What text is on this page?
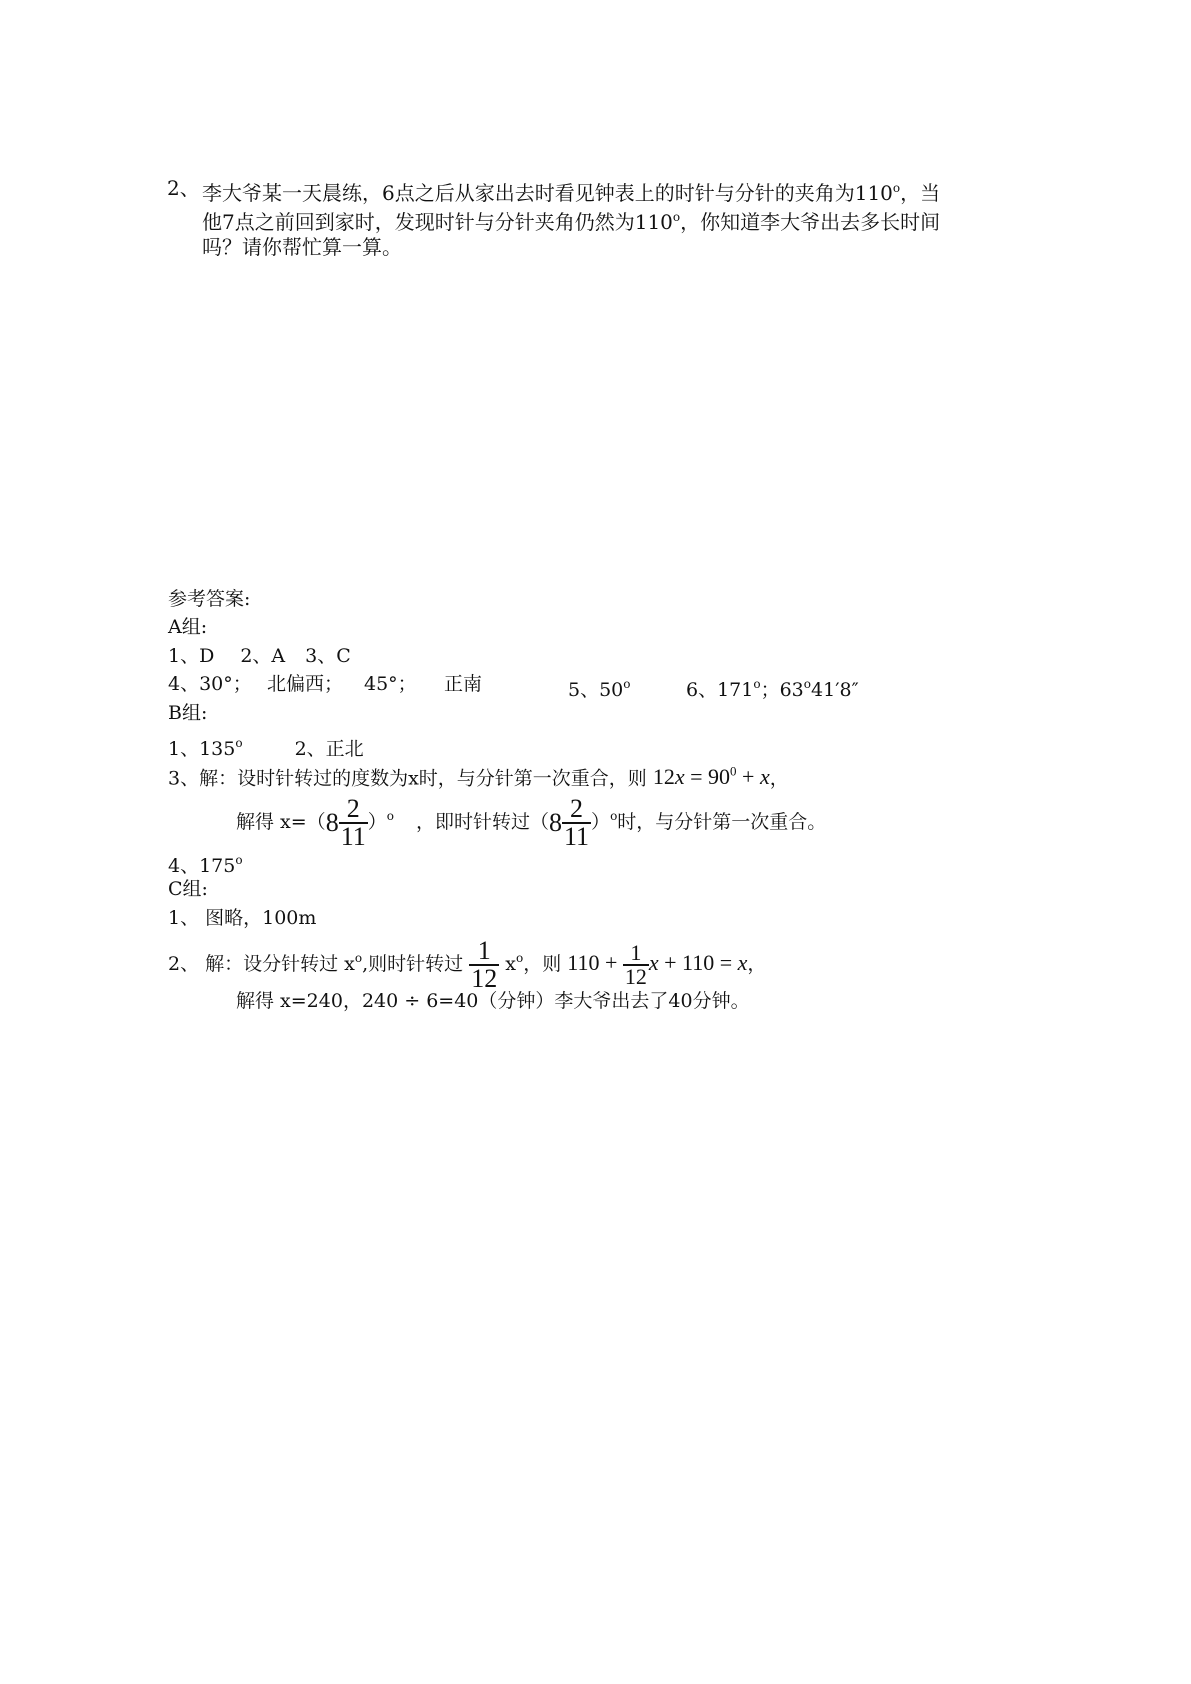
2、 李大爷某一天晨练，6点之后从家出去时看见钟表上的时针与分针的夹角为110$^o$，当
他7点之前回到家时，发现时针与分针夹角仍然为110$^o$，你知道李大爷出去多长时间
吗？请你帮忙算一算。
参考答案:
A组:
1、D 2、A 3、C
4、30°； 北偏西； 45°； 正南	5、50$^o$	6、171$^o$；63$^o$41′8″
B组:
1、135$^o$	2、正北
3、解：设时针转过的度数为x时，与分针第一次重合，则 $12x = 90^0 + x$，
解得 $x=(8 \frac{2}{11} )^o$ ，即时针转过$(8 \frac{2}{11} )^o$时，与分针第一次重合。
4、175$^o$
C组:
1、 图略，100m
2、 解：设分针转过 $x^o$,则时针转过 $\frac{1}{12} x^o$，则 $110 + \frac{1}{12}$ x + 110 = x，
解得 x=240，240 ÷ 6=40（分钟）李大爷出去了40分钟。
